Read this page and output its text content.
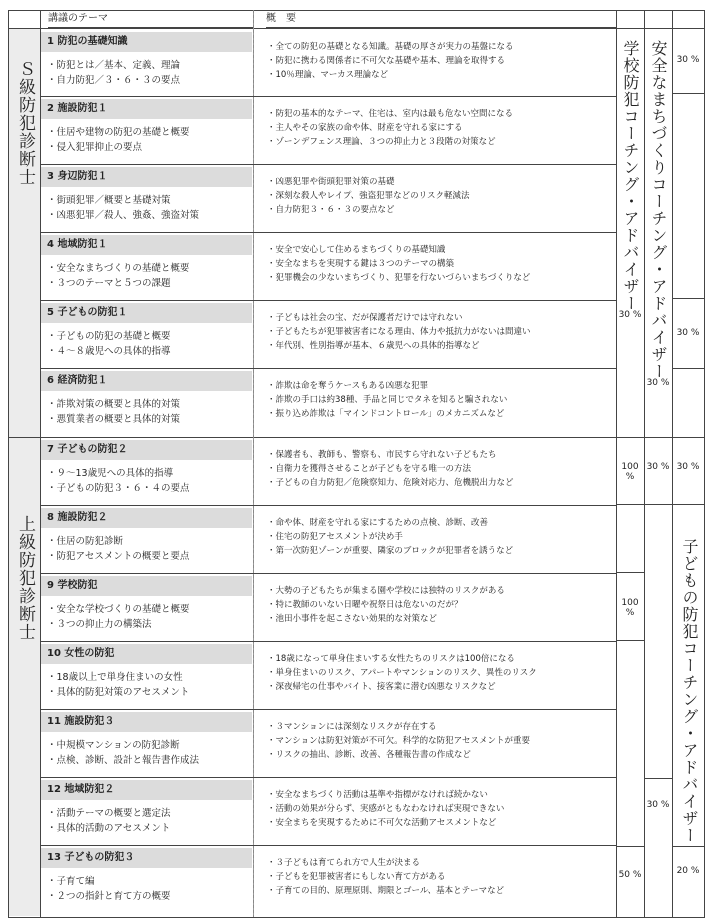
講議のテーマ	概　要
Ｓ級防犯診断士
上級防犯診断士
学校防犯コーチング・アドバイザー 安全なまちづくりコーチング・アドバイザー
子どもの防犯コーチング・アドバイザー
30 %
30 %
30 %
30 %
100 %
30 % 30 %
100 %
30 %
50 %	20 %
1 防犯の基礎知識
・防犯とは／基本、定義、理論
・自力防犯／３・６・３の要点
・全ての防犯の基礎となる知識。基礎の厚さが実力の基盤になる
・防犯に携わる関係者に不可欠な基礎や基本、理論を取得する
・10％理論、マーカス理論など
2 施設防犯１
・住居や建物の防犯の基礎と概要
・侵入犯罪抑止の要点
・防犯の基本的なテーマ、住宅は、室内は最も危ない空間になる
・主人やその家族の命や体、財産を守れる家にする
・ゾーンデフェンス理論、３つの抑止力と３段階の対策など
3 身辺防犯１
・街頭犯罪／概要と基礎対策
・凶悪犯罪／殺人、強姦、強盗対策
・凶悪犯罪や街頭犯罪対策の基礎
・深刻な殺人やレイプ、強盗犯罪などのリスク軽減法
・自力防犯３・６・３の要点など
4 地域防犯１
・安全なまちづくりの基礎と概要
・３つのテーマと５つの課題
・安全で安心して住めるまちづくりの基礎知識
・安全なまちを実現する鍵は３つのテーマの構築
・犯罪機会の少ないまちづくり、犯罪を行ないづらいまちづくりなど
5 子どもの防犯１
・子どもの防犯の基礎と概要
・４～８歳児への具体的指導
・子どもは社会の宝、だが保護者だけでは守れない
・子どもたちが犯罪被害者になる理由、体力や抵抗力がないは間違い
・年代別、性別指導が基本、６歳児への具体的指導など
6 経済防犯１
・詐欺対策の概要と具体的対策
・悪質業者の概要と具体的対策
・詐欺は命を奪うケースもある凶悪な犯罪
・詐欺の手口は約38種、手品と同じでタネを知ると騙されない
・振り込め詐欺は「マインドコントロール」のメカニズムなど
7 子どもの防犯２
・９～13歳児への具体的指導
・子どもの防犯３・６・４の要点
・保護者も、教師も、警察も、市民すら守れない子どもたち
・自衛力を獲得させることが子どもを守る唯一の方法
・子どもの自力防犯／危険察知力、危険対応力、危機脱出力など
8 施設防犯２
・住居の防犯診断
・防犯アセスメントの概要と要点
・命や体、財産を守れる家にするための点検、診断、改善
・住宅の防犯アセスメントが決め手
・第一次防犯ゾーンが重要、隣家のブロックが犯罪者を誘うなど
9 学校防犯
・安全な学校づくりの基礎と概要
・３つの抑止力の構築法
・大勢の子どもたちが集まる園や学校には独特のリスクがある
・特に教師のいない日曜や祝祭日は危ないのだが？
・池田小事件を起こさない効果的な対策など
10 女性の防犯
・18歳以上で単身住まいの女性
・具体的防犯対策のアセスメント
・18歳になって単身住まいする女性たちのリスクは100倍になる
・単身住まいのリスク、アパートやマンションのリスク、異性のリスク
・深夜帰宅の仕事やバイト、接客業に潜む凶悪なリスクなど
11 施設防犯３
・中規模マンションの防犯診断
・点検、診断、設計と報告書作成法
・３マンションには深刻なリスクが存在する
・マンションは防犯対策が不可欠。科学的な防犯アセスメントが重要
・リスクの抽出、診断、改善、各種報告書の作成など
12 地域防犯２
・活動テーマの概要と選定法
・具体的活動のアセスメント
・安全なまちづくり活動は基準や指標がなければ続かない
・活動の効果が分らず、実感がともなわなければ実現できない
・安全まちを実現するために不可欠な活動アセスメントなど
13 子どもの防犯３
・子育て編
・２つの指針と育て方の概要
・３子どもは育てられ方で人生が決まる
・子どもを犯罪被害者にもしない育て方がある
・子育ての目的、原理原則、期限とゴール、基本とテーマなど
